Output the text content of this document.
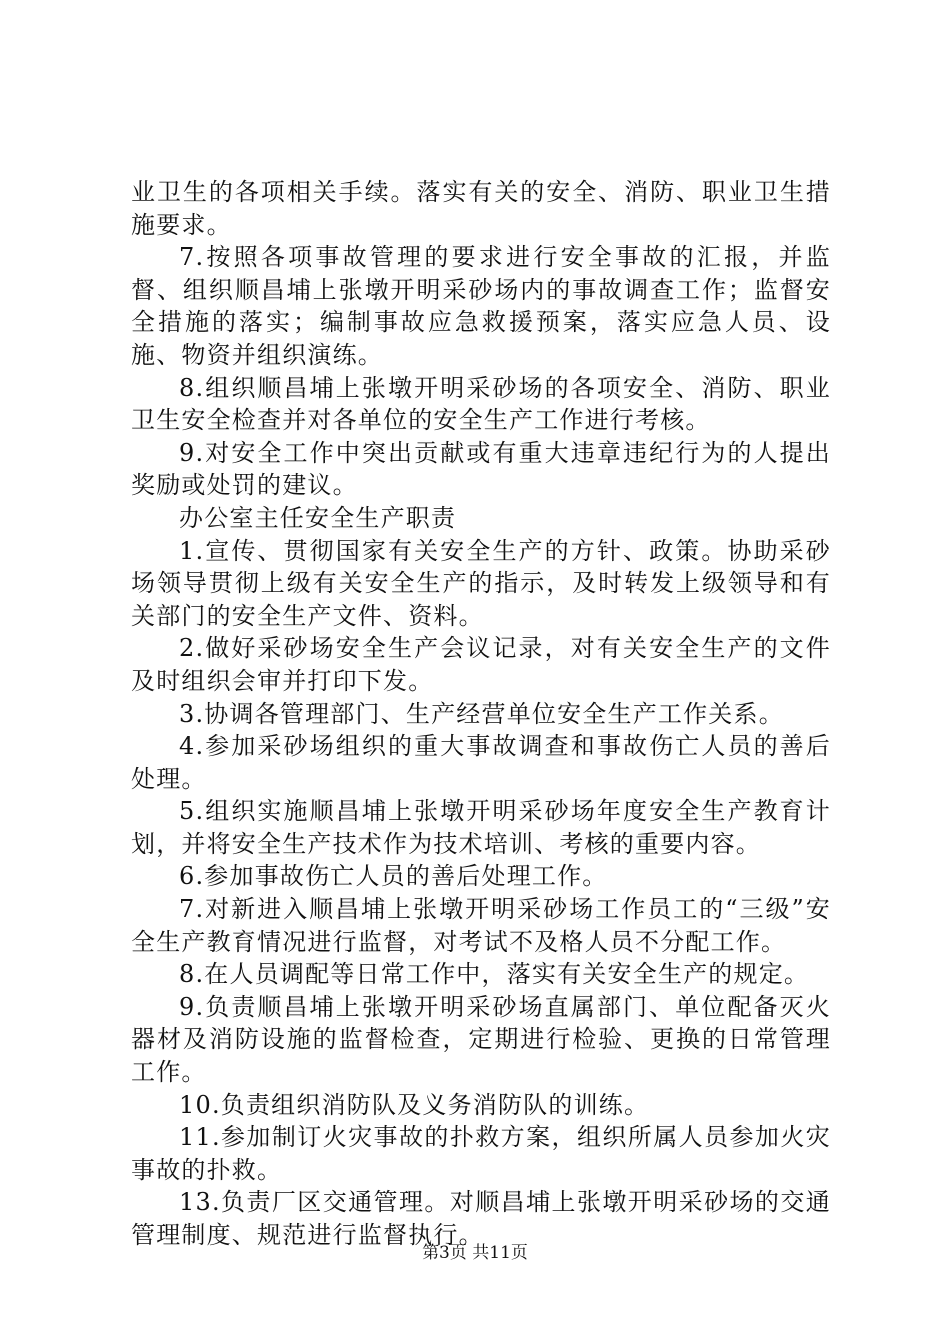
业卫生的各项相关手续。落实有关的安全、消防、职业卫生措施要求。

7.按照各项事故管理的要求进行安全事故的汇报，并监督、组织顺昌埔上张墩开明采砂场内的事故调查工作；监督安全措施的落实；编制事故应急救援预案，落实应急人员、设施、物资并组织演练。

8.组织顺昌埔上张墩开明采砂场的各项安全、消防、职业卫生安全检查并对各单位的安全生产工作进行考核。

9.对安全工作中突出贡献或有重大违章违纪行为的人提出奖励或处罚的建议。

办公室主任安全生产职责

1.宣传、贯彻国家有关安全生产的方针、政策。协助采砂场领导贯彻上级有关安全生产的指示，及时转发上级领导和有关部门的安全生产文件、资料。

2.做好采砂场安全生产会议记录，对有关安全生产的文件及时组织会审并打印下发。

3.协调各管理部门、生产经营单位安全生产工作关系。

4.参加采砂场组织的重大事故调查和事故伤亡人员的善后处理。

5.组织实施顺昌埔上张墩开明采砂场年度安全生产教育计划，并将安全生产技术作为技术培训、考核的重要内容。

6.参加事故伤亡人员的善后处理工作。

7.对新进入顺昌埔上张墩开明采砂场工作员工的“三级”安全生产教育情况进行监督，对考试不及格人员不分配工作。

8.在人员调配等日常工作中，落实有关安全生产的规定。

9.负责顺昌埔上张墩开明采砂场直属部门、单位配备灭火器材及消防设施的监督检查，定期进行检验、更换的日常管理工作。

10.负责组织消防队及义务消防队的训练。

11.参加制订火灾事故的扑救方案，组织所属人员参加火灾事故的扑救。

13.负责厂区交通管理。对顺昌埔上张墩开明采砂场的交通管理制度、规范进行监督执行。

第3页 共11页
